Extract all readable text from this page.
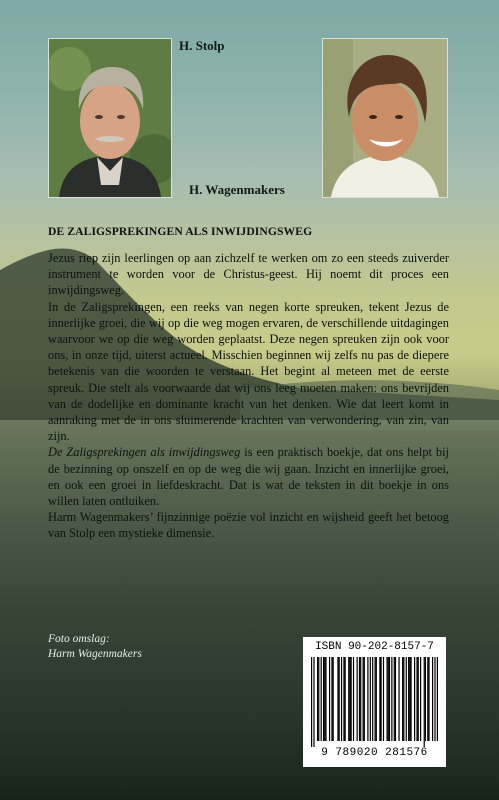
H. Stolp
H. Wagenmakers
DE ZALIGSPREKINGEN ALS INWIJDINGSWEG

Jezus riep zijn leerlingen op aan zichzelf te werken om zo een steeds zuiverder instrument te worden voor de Christus-geest. Hij noemt dit proces een inwijdingsweg.

In de Zaligsprekingen, een reeks van negen korte spreuken, tekent Jezus de innerlijke groei, die wij op die weg mogen ervaren, de verschillende uitdagingen waarvoor we op die weg worden geplaatst. Deze negen spreuken zijn ook voor ons, in onze tijd, uiterst actueel. Misschien beginnen wij zelfs nu pas de diepere betekenis van die woorden te verstaan. Het begint al meteen met de eerste spreuk. Die stelt als voorwaarde dat wij ons leeg moeten maken: ons bevrijden van de dodelijke en dominante kracht van het denken. Wie dat leert komt in aanraking met de in ons sluimerende krachten van verwondering, van zin, van zijn.

De Zaligsprekingen als inwijdingsweg is een praktisch boekje, dat ons helpt bij de bezinning op onszelf en op de weg die wij gaan. Inzicht en innerlijke groei, en ook een groei in liefdeskracht. Dat is wat de teksten in dit boekje in ons willen laten ontluiken.

Harm Wagenmakers’ fijnzinnige poëzie vol inzicht en wijsheid geeft het betoog van Stolp een mystieke dimensie.

Foto omslag:
Harm Wagenmakers
ISBN 90-202-8157-7
9 789020 281576
